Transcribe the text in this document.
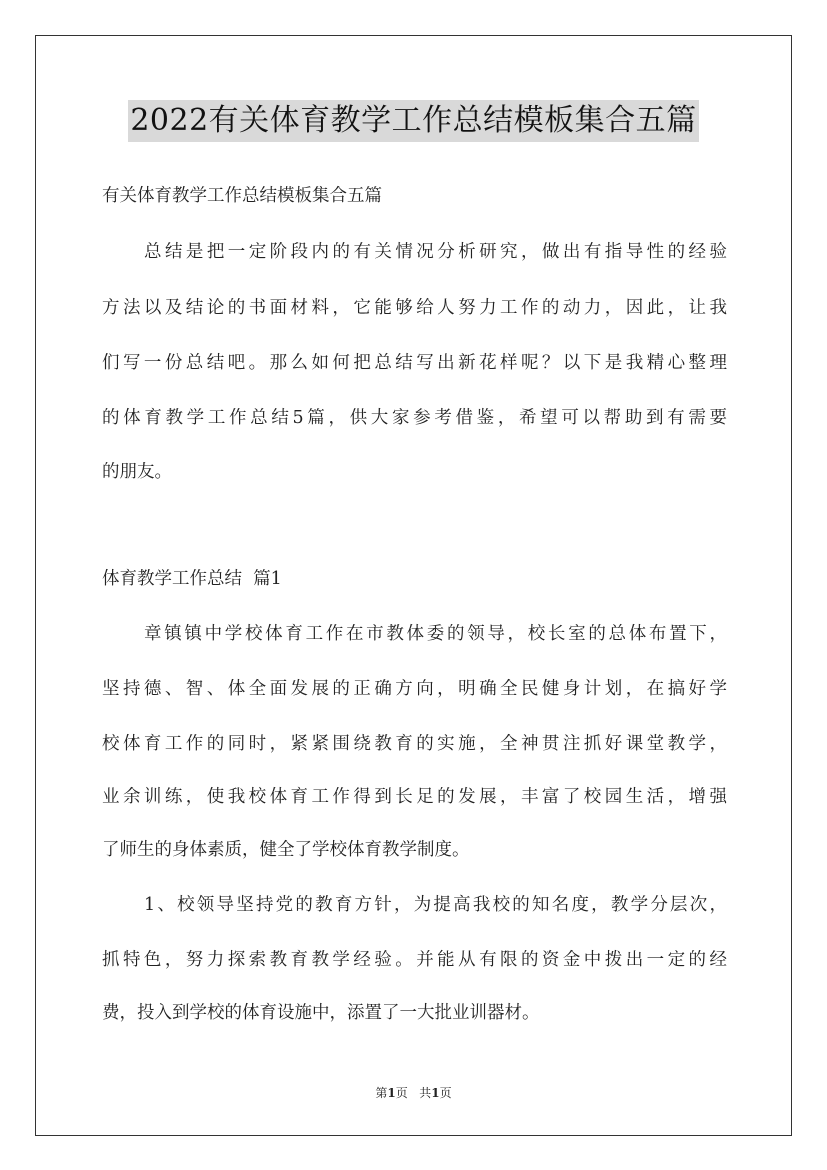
2022有关体育教学工作总结模板集合五篇
有关体育教学工作总结模板集合五篇
总结是把一定阶段内的有关情况分析研究，做出有指导性的经验
方法以及结论的书面材料，它能够给人努力工作的动力，因此，让我
们写一份总结吧。那么如何把总结写出新花样呢？以下是我精心整理
的体育教学工作总结5篇，供大家参考借鉴，希望可以帮助到有需要
的朋友。
体育教学工作总结  篇1
章镇镇中学校体育工作在市教体委的领导，校长室的总体布置下，
坚持德、智、体全面发展的正确方向，明确全民健身计划，在搞好学
校体育工作的同时，紧紧围绕教育的实施，全神贯注抓好课堂教学，
业余训练，使我校体育工作得到长足的发展，丰富了校园生活，增强
了师生的身体素质，健全了学校体育教学制度。
1、校领导坚持党的教育方针，为提高我校的知名度，教学分层次，
抓特色，努力探索教育教学经验。并能从有限的资金中拨出一定的经
费，投入到学校的体育设施中，添置了一大批业训器材。
第1页 共1页
